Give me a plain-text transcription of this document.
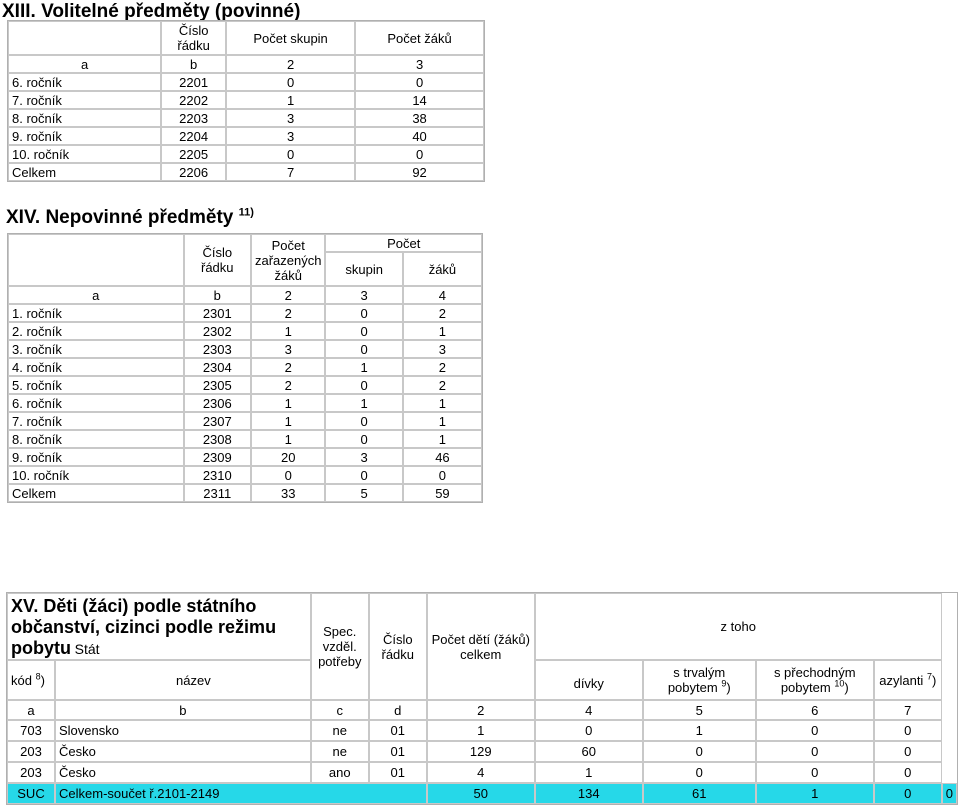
XIII. Volitelné předměty (povinné)
	Číslo řádku	Počet skupin	Počet žáků
a	b	2	3
6. ročník	2201	0	0
7. ročník	2202	1	14
8. ročník	2203	3	38
9. ročník	2204	3	40
10. ročník	2205	0	0
Celkem	2206	7	92
XIV. Nepovinné předměty $^{11)}$
	Číslo řádku	Počet zařazených žáků	Počet	
			skupin	žáků
a	b	2	3	4
1. ročník	2301	2	0	2
2. ročník	2302	1	0	1
3. ročník	2303	3	0	3
4. ročník	2304	2	1	2
5. ročník	2305	2	0	2
6. ročník	2306	1	1	1
7. ročník	2307	1	0	1
8. ročník	2308	1	0	1
9. ročník	2309	20	3	46
10. ročník	2310	0	0	0
Celkem	2311	33	5	59
XV. Děti (žáci) podle státního občanství, cizinci podle režimu pobytu Stát		Spec. vzděl. potřeby	Číslo řádku	Počet dětí (žáků) celkem	z toho				
kód $^8$)	název				dívky	s trvalým pobytem $^9$)	s přechodným pobytem $^{10}$)	azylanti $^7$)	
a	b	c	d	2	4	5	6	7	
703	Slovensko	ne	01	1	0	1	0	0	
203	Česko	ne	01	129	60	0	0	0	
203	Česko	ano	01	4	1	0	0	0	
SUC	Celkem-součet ř.2101-2149			50	134	61	1	0	0
